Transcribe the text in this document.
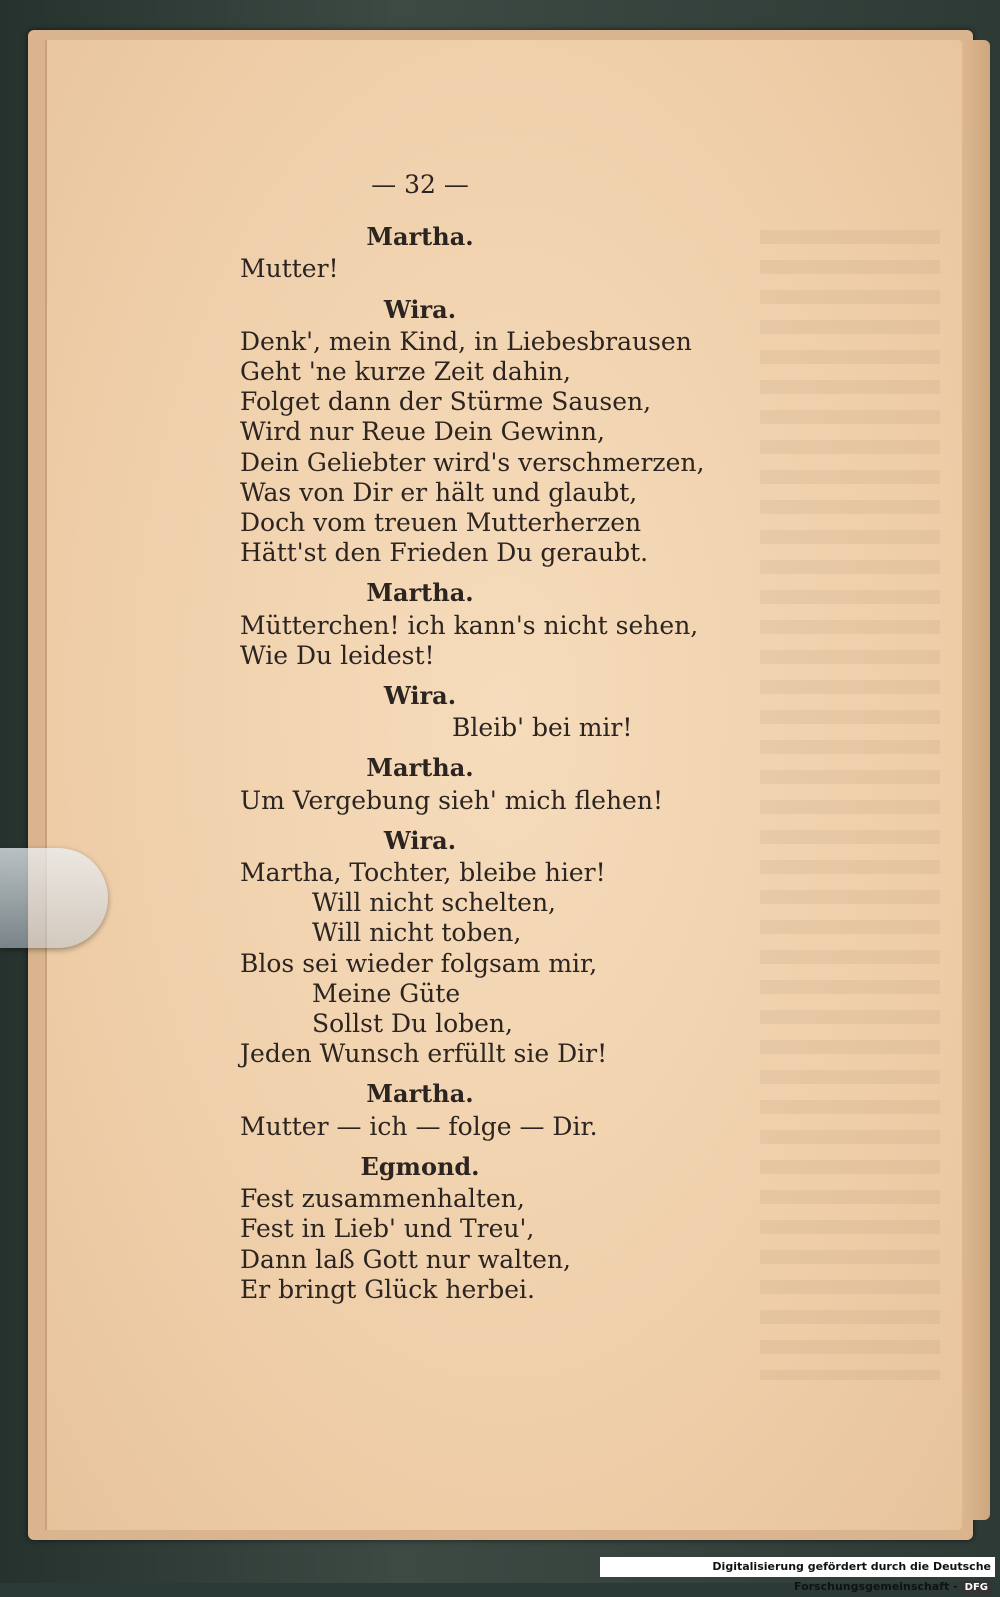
— 32 —
Martha.
Mutter!
Wira.
Denk', mein Kind, in Liebesbrausen
Geht 'ne kurze Zeit dahin,
Folget dann der Stürme Sausen,
Wird nur Reue Dein Gewinn,
Dein Geliebter wird's verschmerzen,
Was von Dir er hält und glaubt,
Doch vom treuen Mutterherzen
Hätt'st den Frieden Du geraubt.
Martha.
Mütterchen! ich kann's nicht sehen,
Wie Du leidest!
Wira.
Bleib' bei mir!
Martha.
Um Vergebung sieh' mich flehen!
Wira.
Martha, Tochter, bleibe hier!
Will nicht schelten,
Will nicht toben,
Blos sei wieder folgsam mir,
Meine Güte
Sollst Du loben,
Jeden Wunsch erfüllt sie Dir!
Martha.
Mutter — ich — folge — Dir.
Egmond.
Fest zusammenhalten,
Fest in Lieb' und Treu',
Dann laß Gott nur walten,
Er bringt Glück herbei.
Digitalisierung gefördert durch die Deutsche Forschungsgemeinschaft - DFG
